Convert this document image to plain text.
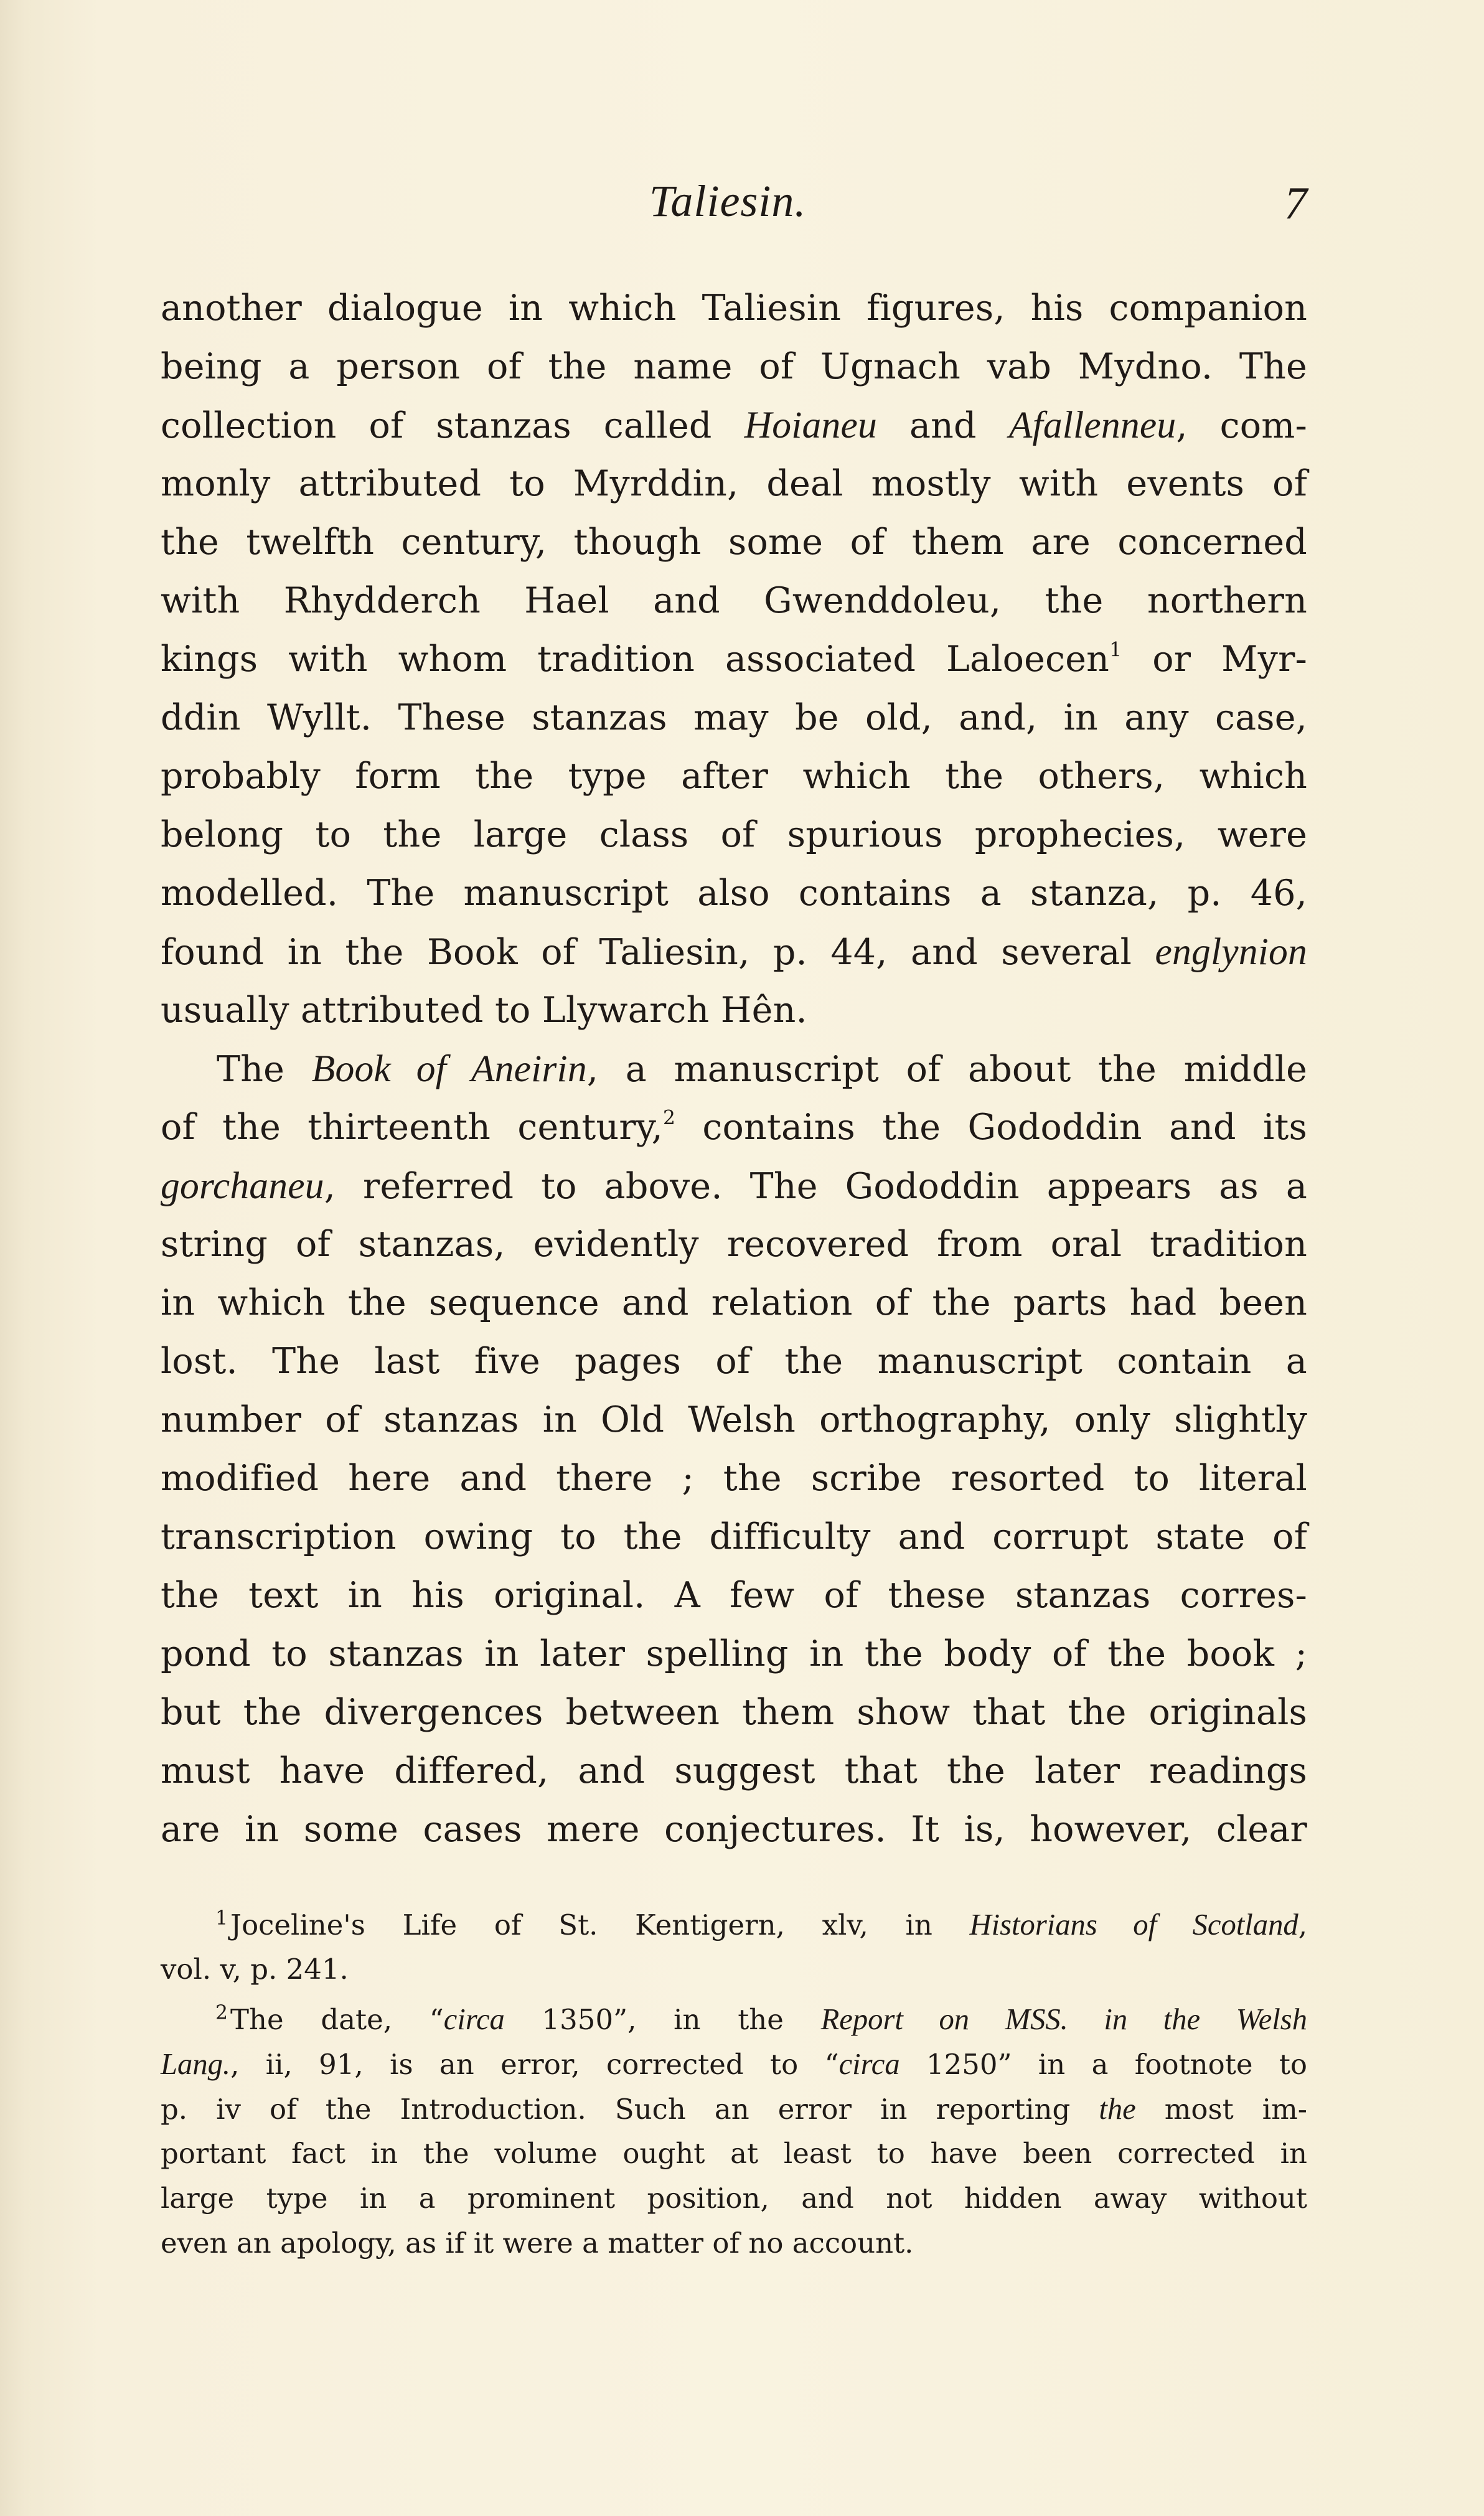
Taliesin.	7
another dialogue in which Taliesin figures, his companion
being a person of the name of Ugnach vab Mydno. The
collection of stanzas called Hoianeu and Afallenneu, com-
monly attributed to Myrddin, deal mostly with events of
the twelfth century, though some of them are concerned
with Rhydderch Hael and Gwenddoleu, the northern
kings with whom tradition associated Laloecen$^1$ or Myr-
ddin Wyllt. These stanzas may be old, and, in any case,
probably form the type after which the others, which
belong to the large class of spurious prophecies, were
modelled. The manuscript also contains a stanza, p. 46,
found in the Book of Taliesin, p. 44, and several englynion
usually attributed to Llywarch Hên.
The Book of Aneirin, a manuscript of about the middle
of the thirteenth century,$^2$ contains the Gododdin and its
gorchaneu, referred to above. The Gododdin appears as a
string of stanzas, evidently recovered from oral tradition
in which the sequence and relation of the parts had been
lost. The last five pages of the manuscript contain a
number of stanzas in Old Welsh orthography, only slightly
modified here and there ; the scribe resorted to literal
transcription owing to the difficulty and corrupt state of
the text in his original. A few of these stanzas corres-
pond to stanzas in later spelling in the body of the book ;
but the divergences between them show that the originals
must have differed, and suggest that the later readings
are in some cases mere conjectures. It is, however, clear
$^1$Joceline's Life of St. Kentigern, xlv, in Historians of Scotland,
vol. v, p. 241.
$^2$The date, “circa 1350”, in the Report on MSS. in the Welsh
Lang., ii, 91, is an error, corrected to “circa 1250” in a footnote to
p. iv of the Introduction. Such an error in reporting the most im-
portant fact in the volume ought at least to have been corrected in
large type in a prominent position, and not hidden away without
even an apology, as if it were a matter of no account.
